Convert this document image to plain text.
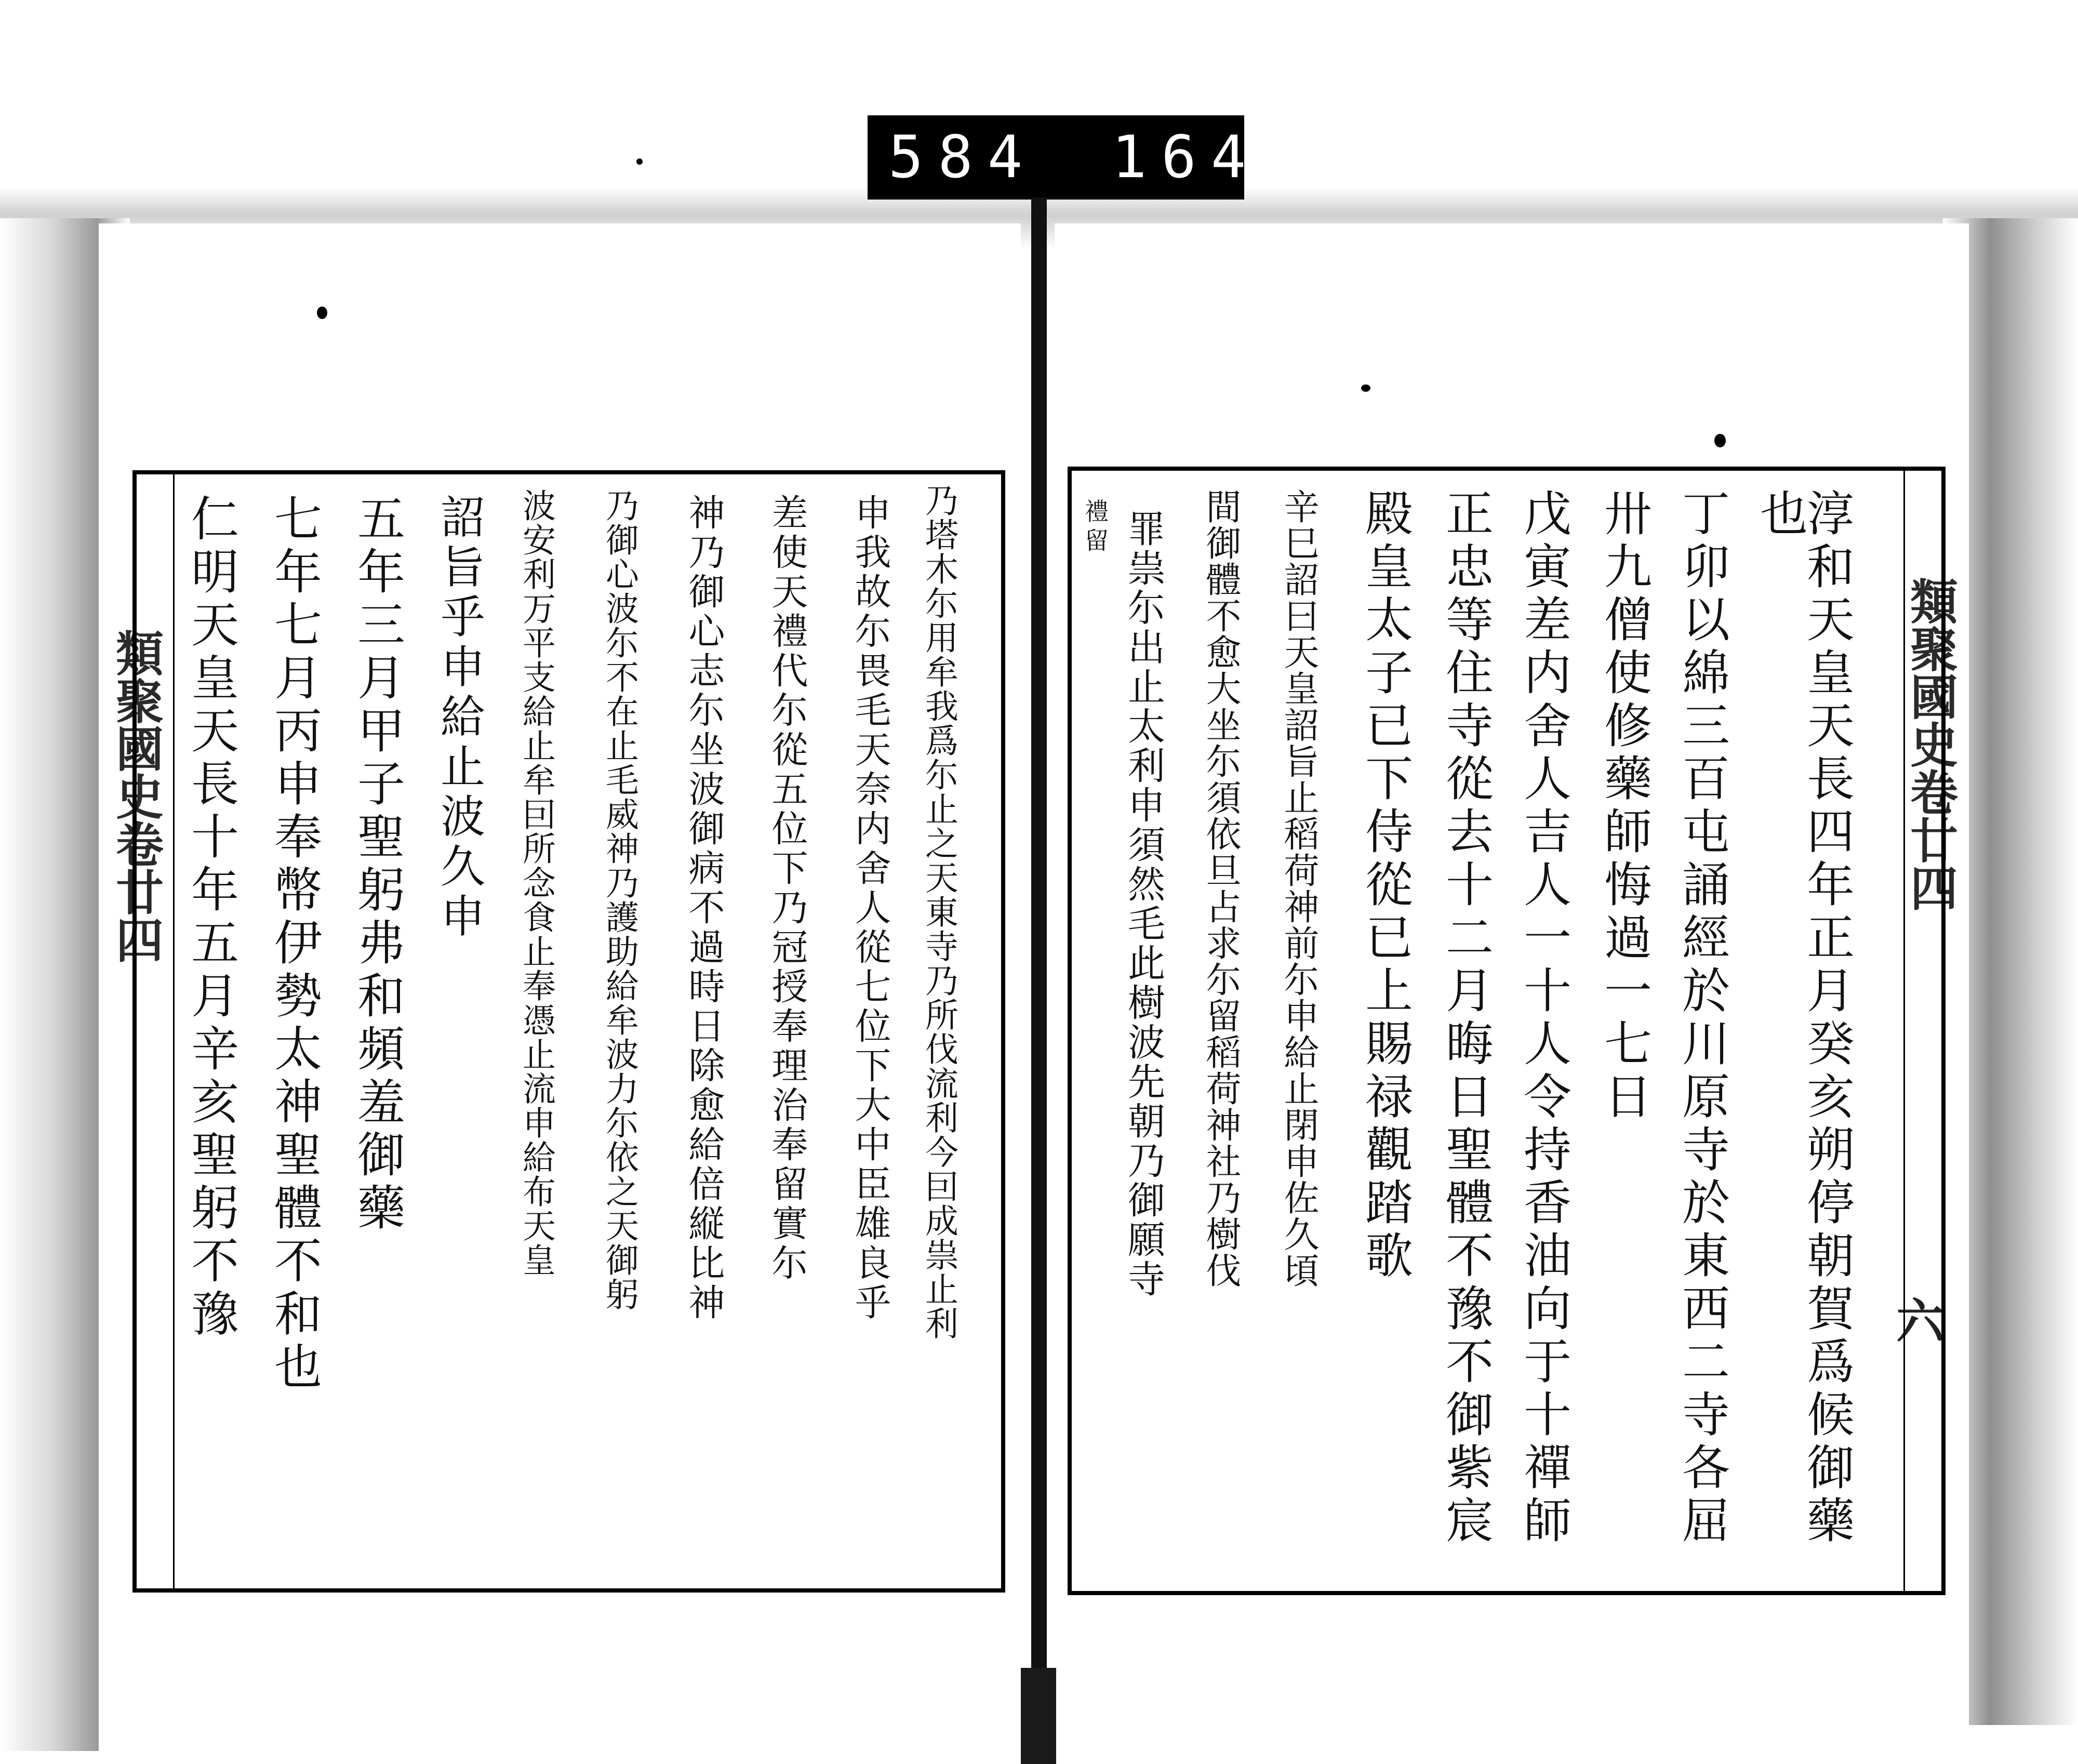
584 164.
類聚國史卷廿四	類聚國史卷廿四
六
淳和天皇天長四年正月癸亥朔停朝賀爲候御藥
也
丁卯以綿三百屯誦經於川原寺於東西二寺各屈
卅九僧使修藥師悔過一七日
戊寅差内舍人吉人一十人令持香油向于十禪師
正忠等住寺從去十二月晦日聖體不豫不御紫宸
殿皇太子已下侍從已上賜禄觀踏歌
辛巳詔曰天皇詔旨止稻荷神前尓申給止閉申佐久頃
間御體不愈大坐尓須依旦占求尓留稻荷神社乃樹伐
罪祟尓出止太利申須然毛此樹波先朝乃御願寺
禮留
乃塔木尓用牟我爲尓止之天東寺乃所伐流利今囙成祟止利
申我故尓畏毛天奈内舍人從七位下大中臣雄良乎
差使天禮代尓從五位下乃冠授奉理治奉留實尓
神乃御心志尓坐波御病不過時日除愈給倍縦比神
乃御心波尓不在止毛威神乃護助給牟波力尓依之天御躬
波安利万平支給止牟囙所念食止奉憑止流申給布天皇
詔旨乎申給止波久申
五年三月甲子聖躬弗和頻羞御藥
七年七月丙申奉幣伊勢太神聖體不和也
仁明天皇天長十年五月辛亥聖躬不豫
